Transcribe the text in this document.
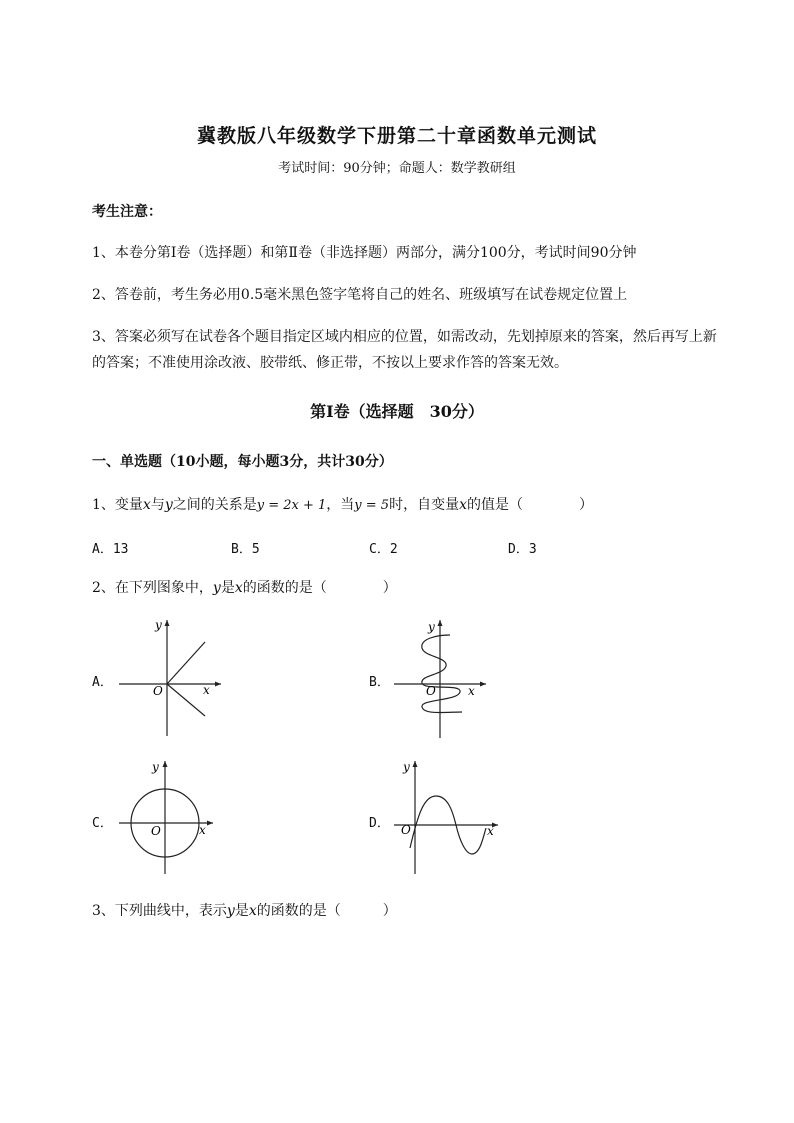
冀教版八年级数学下册第二十章函数单元测试
考试时间：90分钟；命题人：数学教研组
考生注意：
1、本卷分第Ⅰ卷（选择题）和第Ⅱ卷（非选择题）两部分，满分100分，考试时间90分钟
2、答卷前，考生务必用0.5毫米黑色签字笔将自己的姓名、班级填写在试卷规定位置上
3、答案必须写在试卷各个题目指定区域内相应的位置，如需改动，先划掉原来的答案，然后再写上新
的答案；不准使用涂改液、胶带纸、修正带，不按以上要求作答的答案无效。
第Ⅰ卷（选择题　30分）
一、单选题（10小题，每小题3分，共计30分）
1、变量x与y之间的关系是y = 2x + 1，当y = 5时，自变量x的值是（　　　　）
A．13	B．5	C．2	D．3
2、在下列图象中，y是x的函数的是（　　　　）
A．	x
y
O
B．
x
y
O
C．	x
y
O	D．	x
y
O
3、下列曲线中，表示y是x的函数的是（　　　）
